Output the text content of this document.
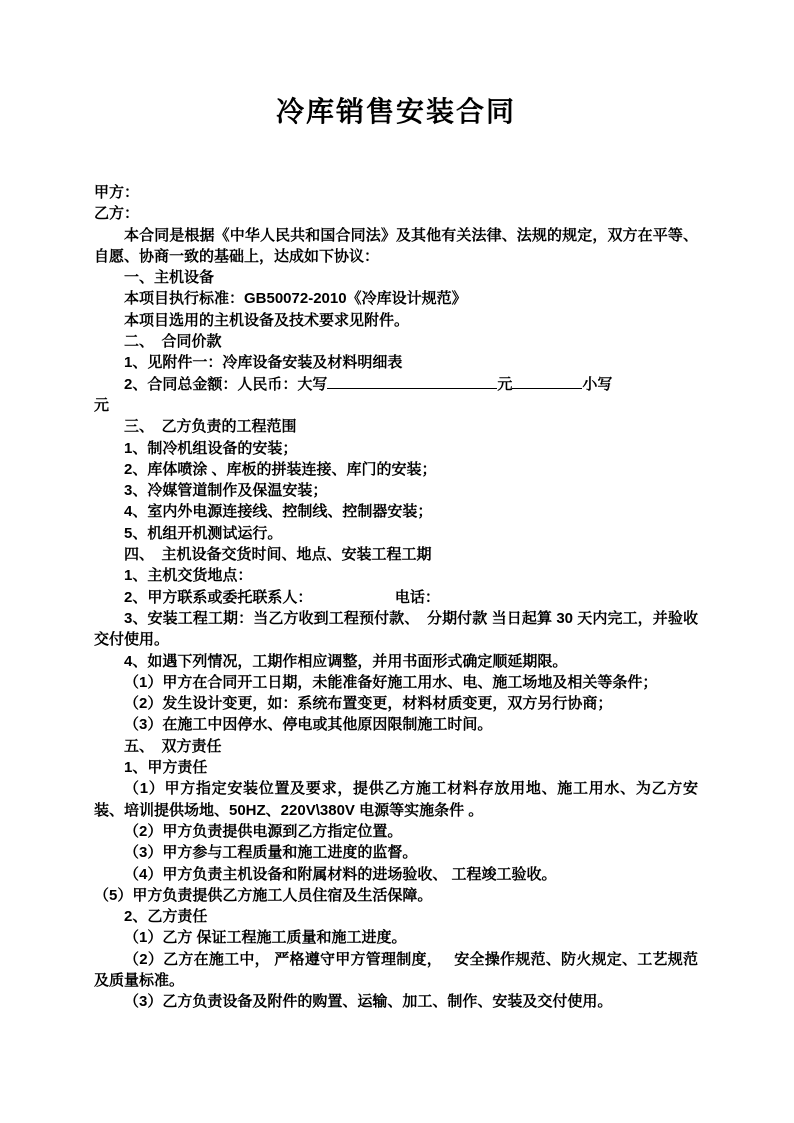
冷库销售安装合同
甲方：
乙方：
本合同是根据《中华人民共和国合同法》及其他有关法律、法规的规定，双方在平等、自愿、协商一致的基础上，达成如下协议：
一、主机设备
本项目执行标准：GB50072-2010《冷库设计规范》
本项目选用的主机设备及技术要求见附件。
二、　合同价款
1、见附件一：冷库设备安装及材料明细表
2、合同总金额：人民币：大写	元	小写
元
三、　乙方负责的工程范围
1、制冷机组设备的安装；
2、库体喷涂 、库板的拼装连接、库门的安装；
3、冷媒管道制作及保温安装；
4、室内外电源连接线、控制线、控制器安装；
5、机组开机测试运行。
四、　主机设备交货时间、地点、安装工程工期
1、主机交货地点：
2、甲方联系或委托联系人：　　　　　　电话：
3、安装工程工期：当乙方收到工程预付款、　分期付款 当日起算 30 天内完工，并验收交付使用。
4、如遇下列情况，工期作相应调整，并用书面形式确定顺延期限。
（1）甲方在合同开工日期，未能准备好施工用水、电、施工场地及相关等条件；
（2）发生设计变更，如：系统布置变更，材料材质变更，双方另行协商；
（3）在施工中因停水、停电或其他原因限制施工时间。
五、　双方责任
1、甲方责任
（1）甲方指定安装位置及要求，提供乙方施工材料存放用地、施工用水、为乙方安装、培训提供场地、50HZ、220V\380V 电源等实施条件 。
（2）甲方负责提供电源到乙方指定位置。
（3）甲方参与工程质量和施工进度的监督。
（4）甲方负责主机设备和附属材料的进场验收、 工程竣工验收。
（5）甲方负责提供乙方施工人员住宿及生活保障。
2、乙方责任
（1）乙方 保证工程施工质量和施工进度。
（2）乙方在施工中， 严格遵守甲方管理制度，　 安全操作规范、防火规定、工艺规范及质量标准。
（3）乙方负责设备及附件的购置、运输、加工、制作、安装及交付使用。
